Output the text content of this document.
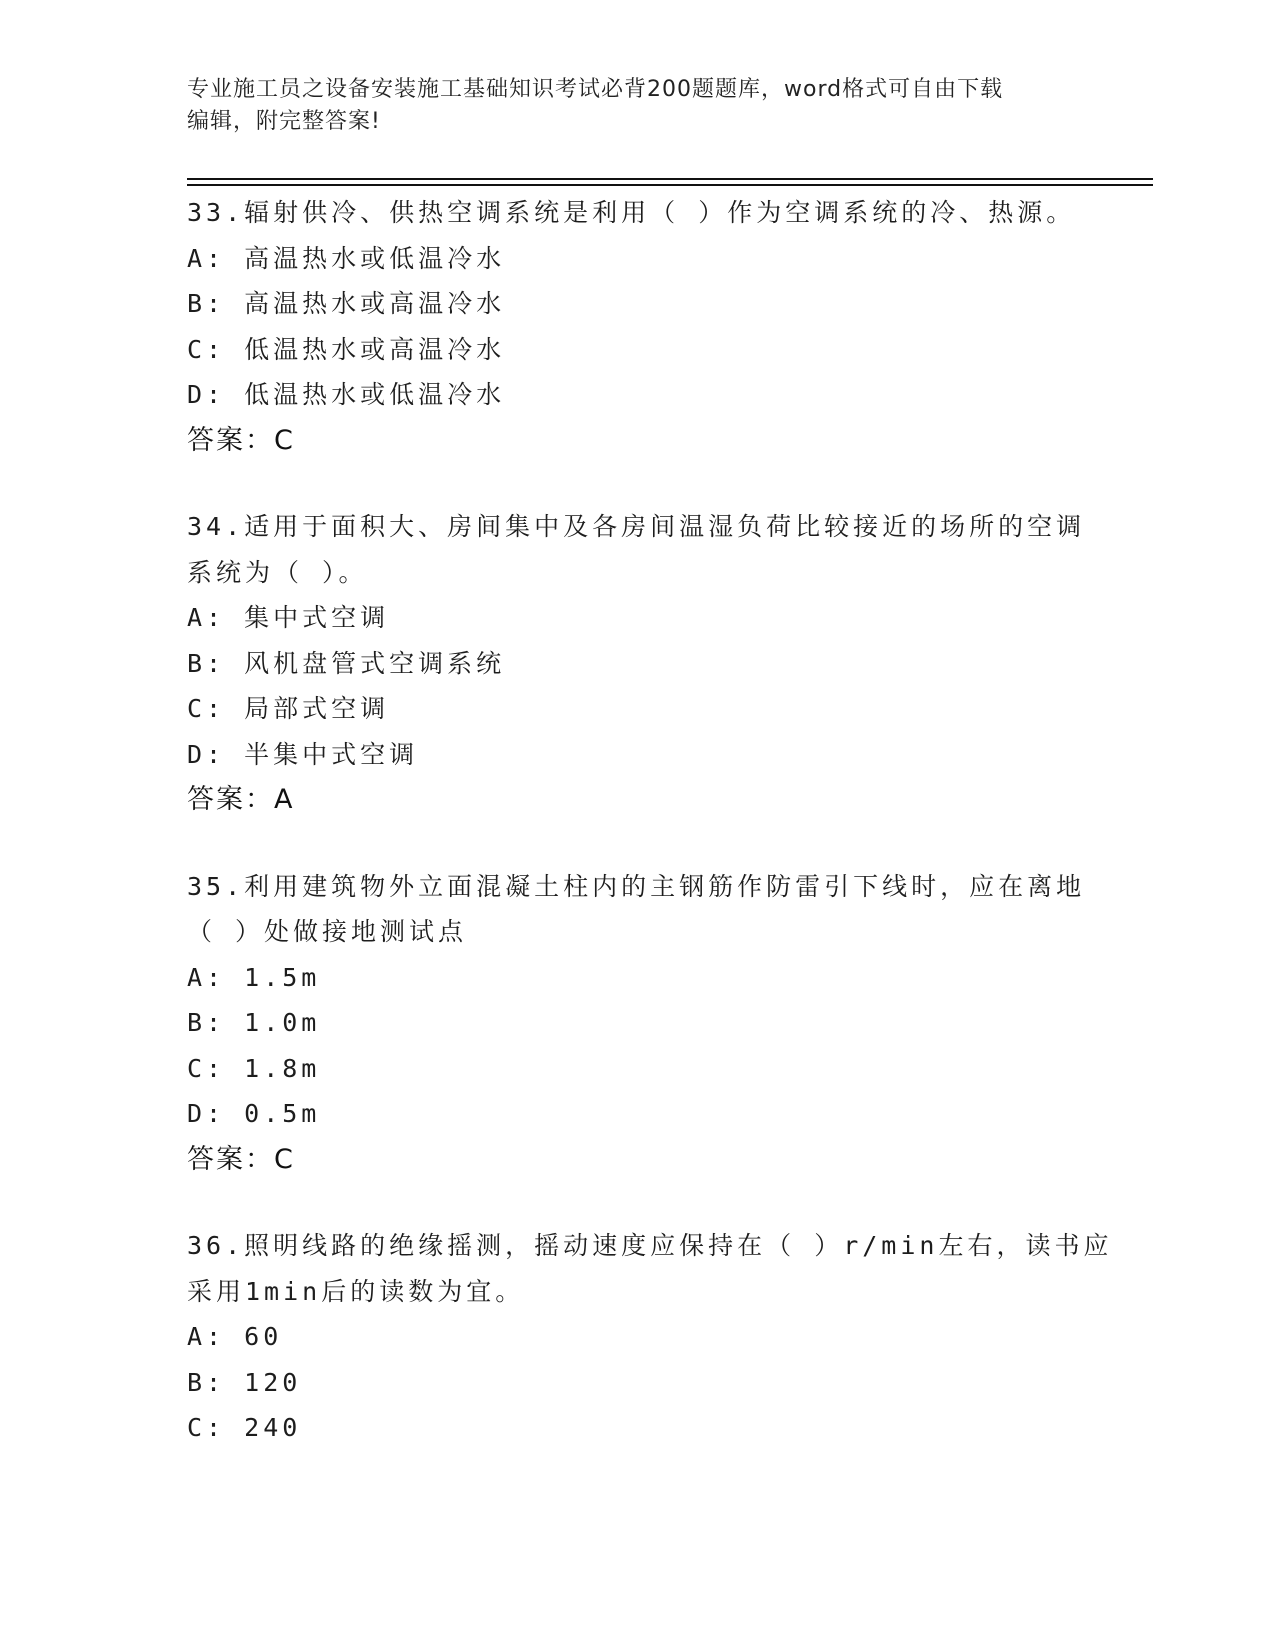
专业施工员之设备安装施工基础知识考试必背200题题库，word格式可自由下载
编辑，附完整答案!
33.辐射供冷、供热空调系统是利用（ ）作为空调系统的冷、热源。
A: 高温热水或低温冷水
B: 高温热水或高温冷水
C: 低温热水或高温冷水
D: 低温热水或低温冷水
答案：C
34.适用于面积大、房间集中及各房间温湿负荷比较接近的场所的空调
系统为（ ）。
A: 集中式空调
B: 风机盘管式空调系统
C: 局部式空调
D: 半集中式空调
答案：A
35.利用建筑物外立面混凝土柱内的主钢筋作防雷引下线时，应在离地
（ ）处做接地测试点
A: 1.5m
B: 1.0m
C: 1.8m
D: 0.5m
答案：C
36.照明线路的绝缘摇测，摇动速度应保持在（ ）r/min左右，读书应
采用1min后的读数为宜。
A: 60
B: 120
C: 240
